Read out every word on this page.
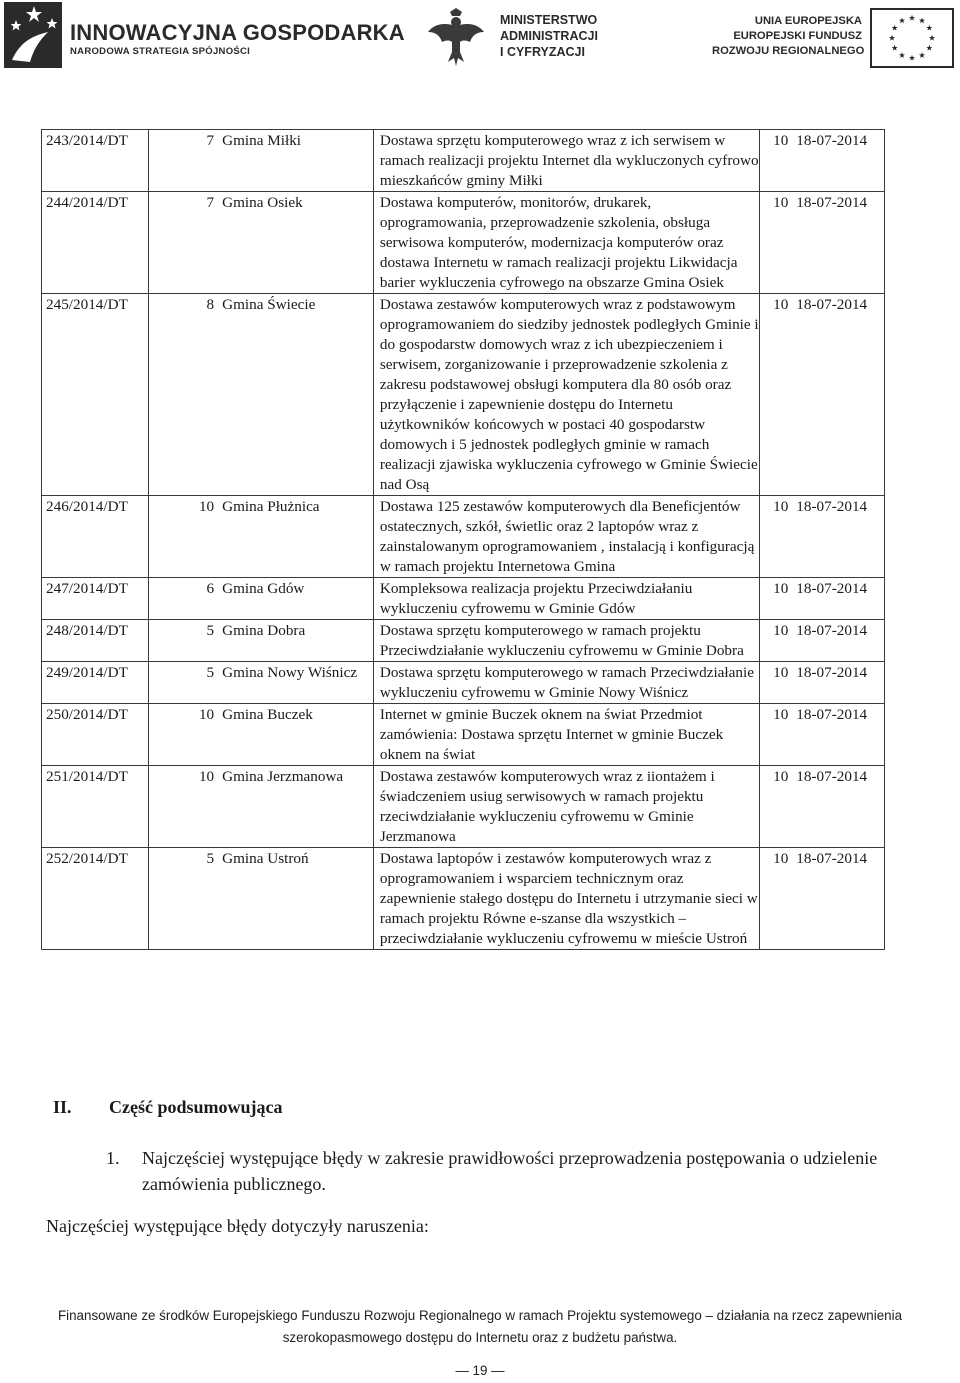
INNOWACYJNA GOSPODARKA
NARODOWA STRATEGIA SPÓJNOŚCI
MINISTERSTWO
ADMINISTRACJI
I CYFRYZACJI
UNIA EUROPEJSKA
EUROPEJSKI FUNDUSZ
ROZWOJU REGIONALNEGO
243/2014/DT	7	Gmina Miłki	Dostawa sprzętu komputerowego wraz z ich serwisem w ramach realizacji projektu Internet dla wykluczonych cyfrowo mieszkańców gminy Miłki	10	18-07-2014
244/2014/DT	7	Gmina Osiek	Dostawa komputerów, monitorów, drukarek, oprogramowania, przeprowadzenie szkolenia, obsługa serwisowa komputerów, modernizacja komputerów oraz dostawa Internetu w ramach realizacji projektu Likwidacja barier wykluczenia cyfrowego na obszarze Gmina Osiek	10	18-07-2014
245/2014/DT	8	Gmina Świecie	Dostawa zestawów komputerowych wraz z podstawowym oprogramowaniem do siedziby jednostek podległych Gminie i do gospodarstw domowych wraz z ich ubezpieczeniem i serwisem, zorganizowanie i przeprowadzenie szkolenia z zakresu podstawowej obsługi komputera dla 80 osób oraz przyłączenie i zapewnienie dostępu do Internetu użytkowników końcowych w postaci 40 gospodarstw domowych i 5 jednostek podległych gminie w ramach realizacji zjawiska wykluczenia cyfrowego w Gminie Świecie nad Osą	10	18-07-2014
246/2014/DT	10	Gmina Płużnica	Dostawa 125 zestawów komputerowych dla Beneficjentów ostatecznych, szkół, świetlic oraz 2 laptopów wraz z zainstalowanym oprogramowaniem , instalacją i konfiguracją w ramach projektu Internetowa Gmina	10	18-07-2014
247/2014/DT	6	Gmina Gdów	Kompleksowa realizacja projektu Przeciwdziałaniu wykluczeniu cyfrowemu w Gminie Gdów	10	18-07-2014
248/2014/DT	5	Gmina Dobra	Dostawa sprzętu komputerowego w ramach projektu Przeciwdziałanie wykluczeniu cyfrowemu w Gminie Dobra	10	18-07-2014
249/2014/DT	5	Gmina Nowy Wiśnicz	Dostawa sprzętu komputerowego w ramach Przeciwdziałanie wykluczeniu cyfrowemu w Gminie Nowy Wiśnicz	10	18-07-2014
250/2014/DT	10	Gmina Buczek	Internet w gminie Buczek oknem na świat Przedmiot zamówienia: Dostawa sprzętu Internet w gminie Buczek oknem na świat	10	18-07-2014
251/2014/DT	10	Gmina Jerzmanowa	Dostawa zestawów komputerowych wraz z iiontażem i świadczeniem usiug serwisowych w ramach projektu rzeciwdziałanie wykluczeniu cyfrowemu w Gminie Jerzmanowa	10	18-07-2014
252/2014/DT	5	Gmina Ustroń	Dostawa laptopów i zestawów komputerowych wraz z oprogramowaniem i wsparciem technicznym oraz zapewnienie stałego dostępu do Internetu i utrzymanie sieci w ramach projektu Równe e-szanse dla wszystkich – przeciwdziałanie wykluczeniu cyfrowemu w mieście Ustroń	10	18-07-2014
II. Część podsumowująca
1.	Najczęściej występujące błędy w zakresie prawidłowości przeprowadzenia postępowania o udzielenie zamówienia publicznego.
Najczęściej występujące błędy dotyczyły naruszenia:
Finansowane ze środków Europejskiego Funduszu Rozwoju Regionalnego w ramach Projektu systemowego – działania na rzecz zapewnienia
szerokopasmowego dostępu do Internetu oraz z budżetu państwa.
— 19 —
